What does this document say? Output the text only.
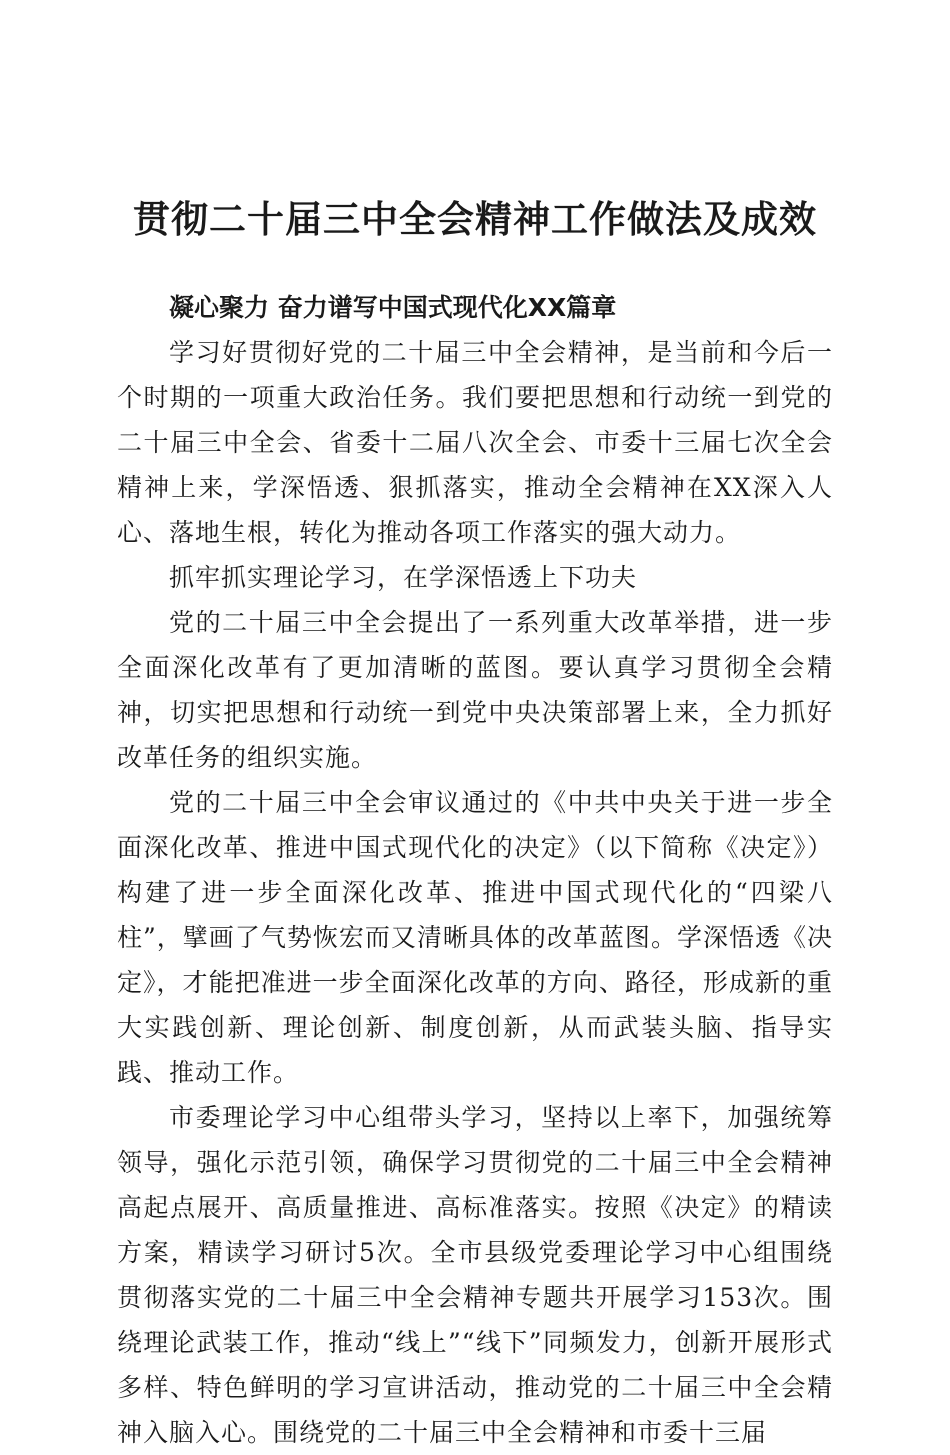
贯彻二十届三中全会精神工作做法及成效

凝心聚力 奋力谱写中国式现代化XX篇章

学习好贯彻好党的二十届三中全会精神，是当前和今后一个时期的一项重大政治任务。我们要把思想和行动统一到党的二十届三中全会、省委十二届八次全会、市委十三届七次全会精神上来，学深悟透、狠抓落实，推动全会精神在XX深入人心、落地生根，转化为推动各项工作落实的强大动力。

抓牢抓实理论学习，在学深悟透上下功夫

党的二十届三中全会提出了一系列重大改革举措，进一步全面深化改革有了更加清晰的蓝图。要认真学习贯彻全会精神，切实把思想和行动统一到党中央决策部署上来，全力抓好改革任务的组织实施。

党的二十届三中全会审议通过的《中共中央关于进一步全面深化改革、推进中国式现代化的决定》（以下简称《决定》）构建了进一步全面深化改革、推进中国式现代化的“四梁八柱”，擘画了气势恢宏而又清晰具体的改革蓝图。学深悟透《决定》，才能把准进一步全面深化改革的方向、路径，形成新的重大实践创新、理论创新、制度创新，从而武装头脑、指导实践、推动工作。

市委理论学习中心组带头学习，坚持以上率下，加强统筹领导，强化示范引领，确保学习贯彻党的二十届三中全会精神高起点展开、高质量推进、高标准落实。按照《决定》的精读方案，精读学习研讨5次。全市县级党委理论学习中心组围绕贯彻落实党的二十届三中全会精神专题共开展学习153次。围绕理论武装工作，推动“线上”“线下”同频发力，创新开展形式多样、特色鲜明的学习宣讲活动，推动党的二十届三中全会精神入脑入心。围绕党的二十届三中全会精神和市委十三届
